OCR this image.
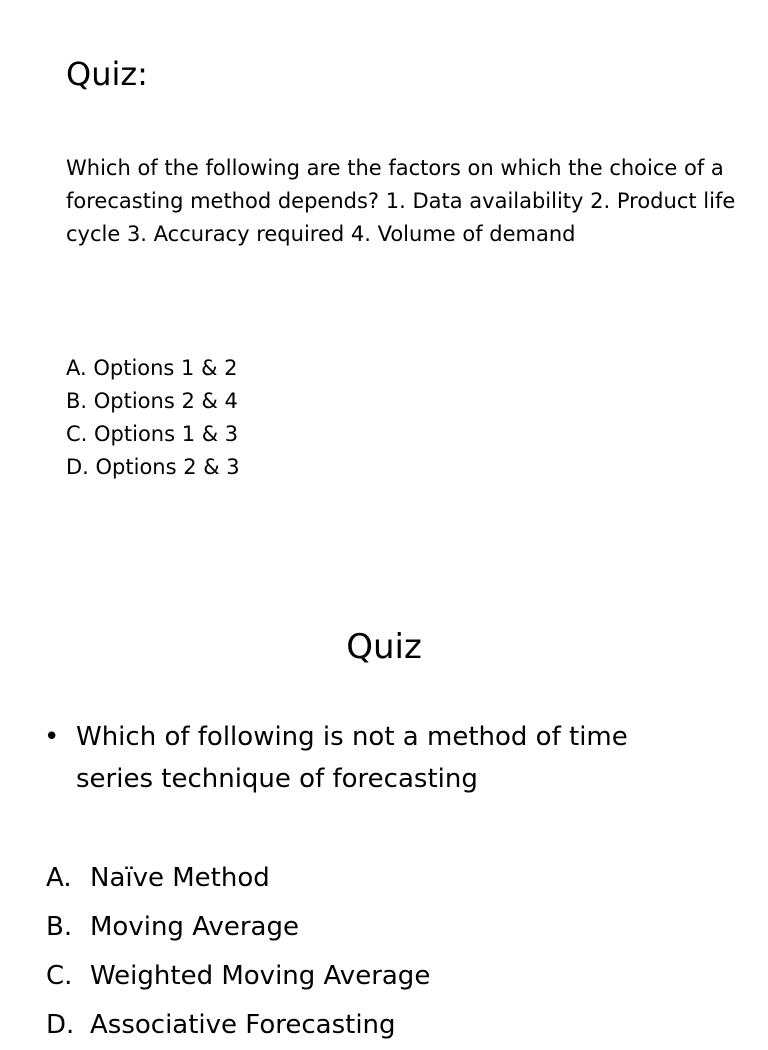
Quiz:

Which of the following are the factors on which the choice of a forecasting method depends? 1. Data availability 2. Product life cycle 3. Accuracy required 4. Volume of demand

A. Options 1 & 2
B. Options 2 & 4
C. Options 1 & 3
D. Options 2 & 3
Quiz
• Which of following is not a method of time series technique of forecasting
A. Naïve Method
B. Moving Average
C. Weighted Moving Average
D. Associative Forecasting
